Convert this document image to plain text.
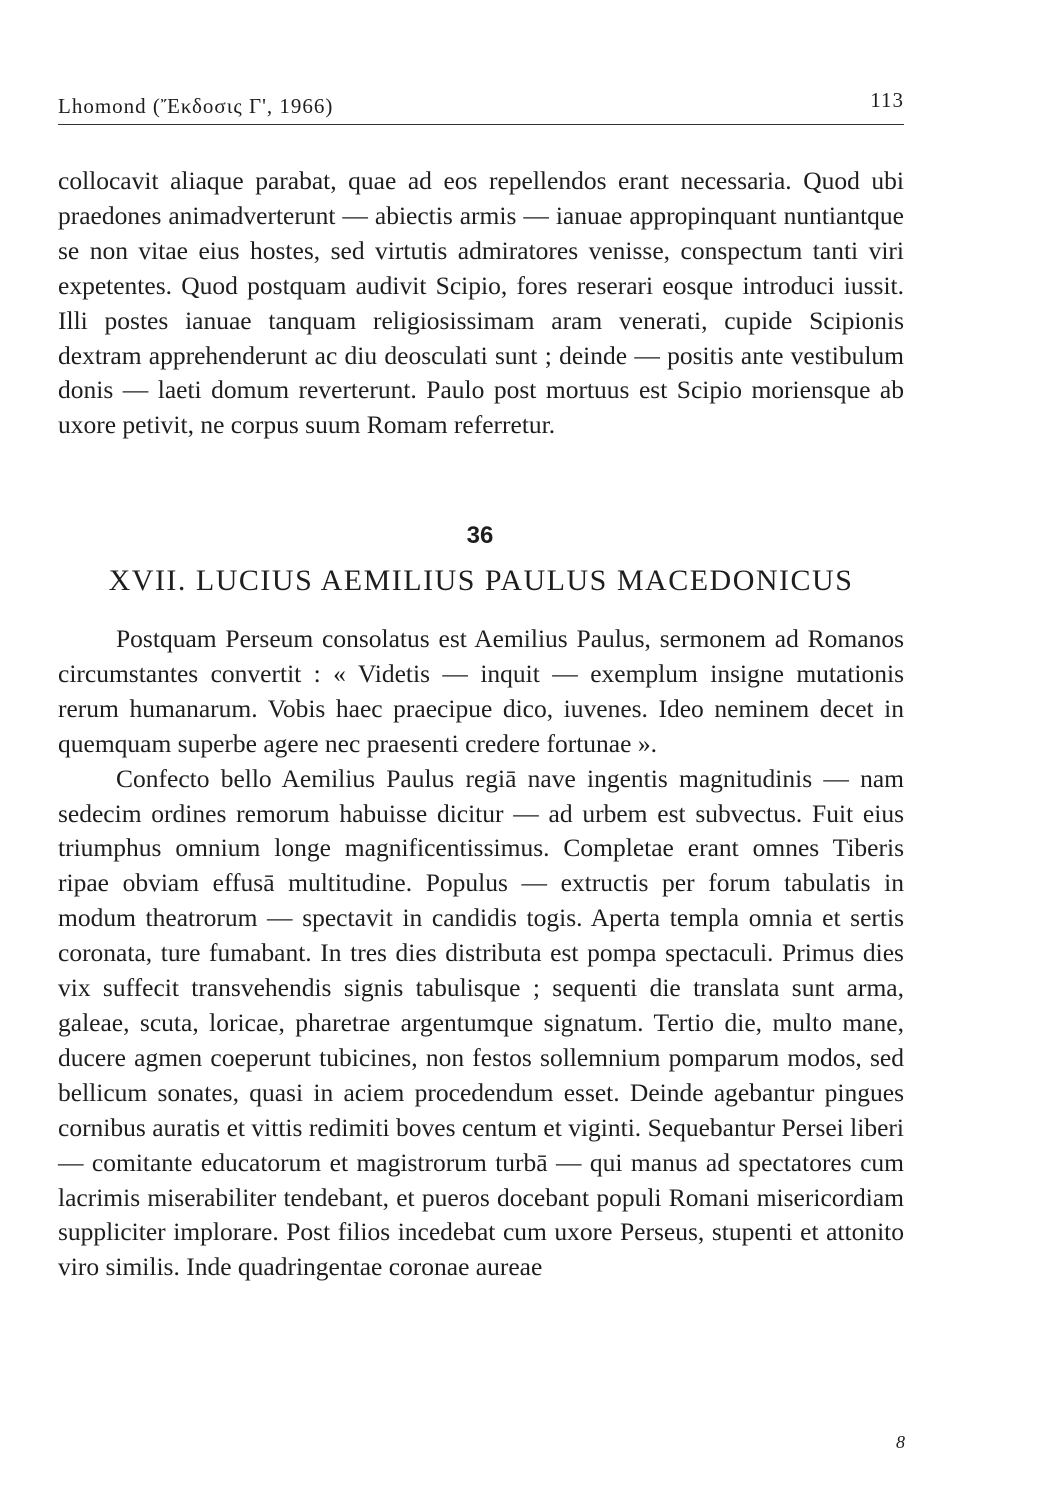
Lhomond (Ἔκδοσις Γ', 1966)	113

collocavit aliaque parabat, quae ad eos repellendos erant necessaria. Quod ubi praedones animadverterunt — abiectis armis — ianuae appropinquant nuntiantque se non vitae eius hostes, sed virtutis admiratores venisse, conspectum tanti viri expetentes. Quod postquam audivit Scipio, fores reserari eosque introduci iussit. Illi postes ianuae tanquam religiosissimam aram venerati, cupide Scipionis dextram apprehenderunt ac diu deosculati sunt ; deinde — positis ante vestibulum donis — laeti domum reverterunt. Paulo post mortuus est Scipio moriensque ab uxore petivit, ne corpus suum Romam referretur.

36
XVII. LUCIUS AEMILIUS PAULUS MACEDONICUS

Postquam Perseum consolatus est Aemilius Paulus, sermonem ad Romanos circumstantes convertit : « Videtis — inquit — exemplum insigne mutationis rerum humanarum. Vobis haec praecipue dico, iuvenes. Ideo neminem decet in quemquam superbe agere nec praesenti credere fortunae ».

Confecto bello Aemilius Paulus regiā nave ingentis magnitudinis — nam sedecim ordines remorum habuisse dicitur — ad urbem est subvectus. Fuit eius triumphus omnium longe magnificentissimus. Completae erant omnes Tiberis ripae obviam effusā multitudine. Populus — extructis per forum tabulatis in modum theatrorum — spectavit in candidis togis. Aperta templa omnia et sertis coronata, ture fumabant. In tres dies distributa est pompa spectaculi. Primus dies vix suffecit transvehendis signis tabulisque ; sequenti die translata sunt arma, galeae, scuta, loricae, pharetrae argentumque signatum. Tertio die, multo mane, ducere agmen coeperunt tubicines, non festos sollemnium pomparum modos, sed bellicum sonates, quasi in aciem procedendum esset. Deinde agebantur pingues cornibus auratis et vittis redimiti boves centum et viginti. Sequebantur Persei liberi — comitante educatorum et magistrorum turbā — qui manus ad spectatores cum lacrimis miserabiliter tendebant, et pueros docebant populi Romani misericordiam suppliciter implorare. Post filios incedebat cum uxore Perseus, stupenti et attonito viro similis. Inde quadringentae coronae aureae

8
